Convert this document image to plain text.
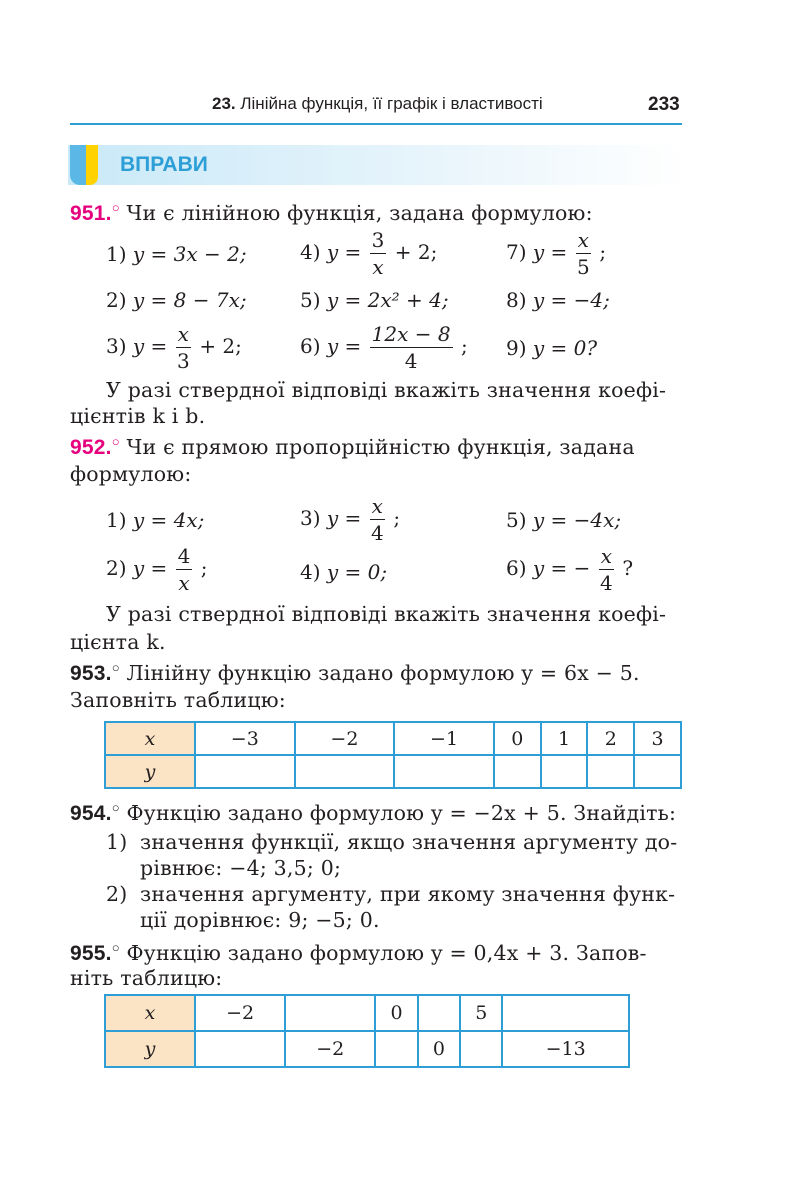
23. Лінійна функція, її графік і властивості	233
ВПРАВИ
951.○ Чи є лінійною функція, задана формулою:
1) y = 3x − 2;
2) y = 8 − 7x;
3) $y = \frac{x}{3} + 2$;
4) $y = \frac{3}{x} + 2$;
5) y = 2x² + 4;
6) $y = \frac{12x - 8}{4}$ ;
7) $y = \frac{x}{5}$ ;
8) y = −4;
9) y = 0?
У разі ствердної відповіді вкажіть значення коефі-
цієнтів k і b.
952.○ Чи є прямою пропорційністю функція, задана
формулою:
1) y = 4x;
2) $y = \frac{4}{x}$ ;
3) $y = \frac{x}{4}$ ;
4) y = 0;
5) y = −4x;
6) y = − $\frac{x}{4}$ ?
У разі ствердної відповіді вкажіть значення коефі-
цієнта k.
953.○ Лінійну функцію задано формулою y = 6x − 5.
Заповніть таблицю:
x	−3	−2	−1	0	1	2	3
y							
954.○ Функцію задано формулою y = −2x + 5. Знайдіть:
1) значення функції, якщо значення аргументу до-
рівнює: −4; 3,5; 0;
2) значення аргументу, при якому значення функ-
ції дорівнює: 9; −5; 0.
955.○ Функцію задано формулою y = 0,4x + 3. Запов-
ніть таблицю:
x	−2		0		5	
y		−2		0		−13
